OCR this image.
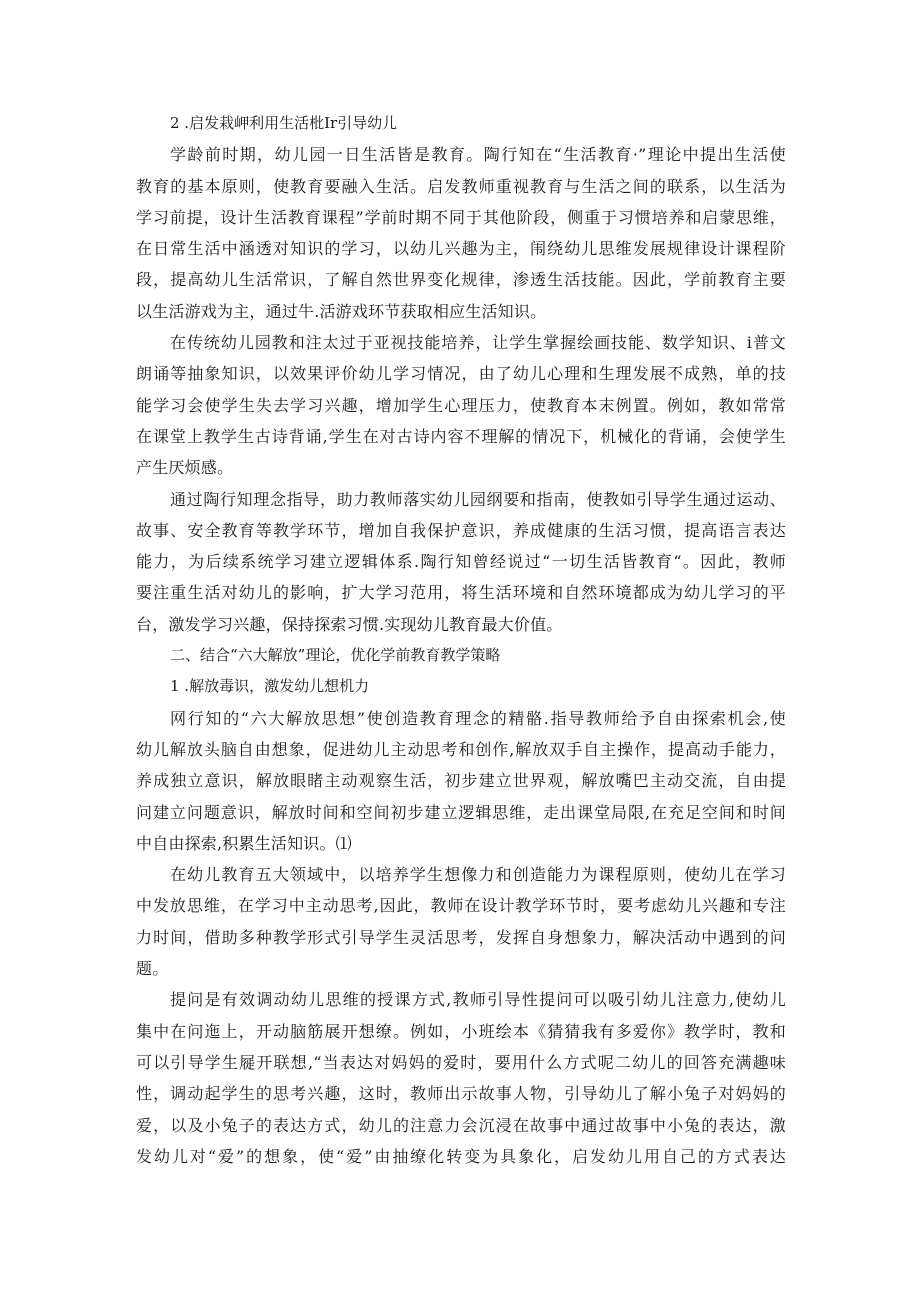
2 .启发栽岬利用生活枇Ir引导幼儿
学龄前时期，幼儿园一日生活皆是教育。陶行知在“生活教育·”理论中提出生活使
教育的基本原则，使教育要融入生活。启发教师重视教育与生活之间的联系，以生活为
学习前提，设计生活教育课程”学前时期不同于其他阶段，侧重于习惯培养和启蒙思维，
在日常生活中涵透对知识的学习，以幼儿兴趣为主，闱绕幼儿思维发展规律设计课程阶
段，提高幼儿生活常识，了解自然世界变化规律，渗透生活技能。因此，学前教育主要
以生活游戏为主，通过牛.活游戏环节获取相应生活知识。
在传统幼儿园教和注太过于亚视技能培养，让学生掌握绘画技能、数学知识、i普文
朗诵等抽象知识，以效果评价幼儿学习情况，由了幼儿心理和生理发展不成熟，单的技
能学习会使学生失去学习兴趣，增加学生心理压力，使教育本末例置。例如，教如常常
在课堂上教学生古诗背诵,学生在对古诗内容不理解的情况下，机械化的背诵，会使学生
产生厌烦感。
通过陶行知理念指导，助力教师落实幼儿园纲要和指南，使教如引导学生通过运动、
故事、安全教育等教学环节，增加自我保护意识，养成健康的生活习惯，提高语言表达
能力，为后续系统学习建立逻辑体系.陶行知曾经说过“一切生活皆教育“。因此，教师
要注重生活对幼儿的影响，扩大学习范用，将生活环境和自然环境都成为幼儿学习的平
台，激发学习兴趣，保持探索习惯.实现幼儿教育最大价值。
二、结合“六大解放”理论，优化学前教育教学策略
1 .解放毒识，激发幼儿想机力
网行知的“六大解放思想”使创造教育理念的精骼.指导教师给予自由探索机会,使
幼儿解放头脑自由想象，促进幼儿主动思考和创作,解放双手自主操作，提高动手能力，
养成独立意识，解放眼睹主动观察生活，初步建立世界观，解放嘴巴主动交流，自由提
问建立问题意识，解放时间和空间初步建立逻辑思维，走出课堂局限,在充足空间和时间
中自由探索,积累生活知识。⑴
在幼儿教育五大领域中，以培养学生想像力和创造能力为课程原则，使幼儿在学习
中发放思维，在学习中主动思考,因此，教师在设计教学环节时，要考虑幼儿兴趣和专注
力时间，借助多种教学形式引导学生灵活思考，发挥自身想象力，解决活动中遇到的问
题。
提问是有效调动幼儿思维的授课方式,教师引导性提问可以吸引幼儿注意力,使幼儿
集中在问迤上，开动脑筋展开想缭。例如，小班绘本《猜猜我有多爱你》教学时，教和
可以引导学生屣开联想,“当表达对妈妈的爱时，要用什么方式呢二幼儿的回答充满趣味
性，调动起学生的思考兴趣，这时，教师出示故事人物，引导幼儿了解小兔子对妈妈的
爱，以及小兔子的表达方式，幼儿的注意力会沉浸在故事中通过故事中小兔的表达，激
发幼儿对“爱”的想象，使“爱”由抽缭化转变为具象化，启发幼儿用自己的方式表达
